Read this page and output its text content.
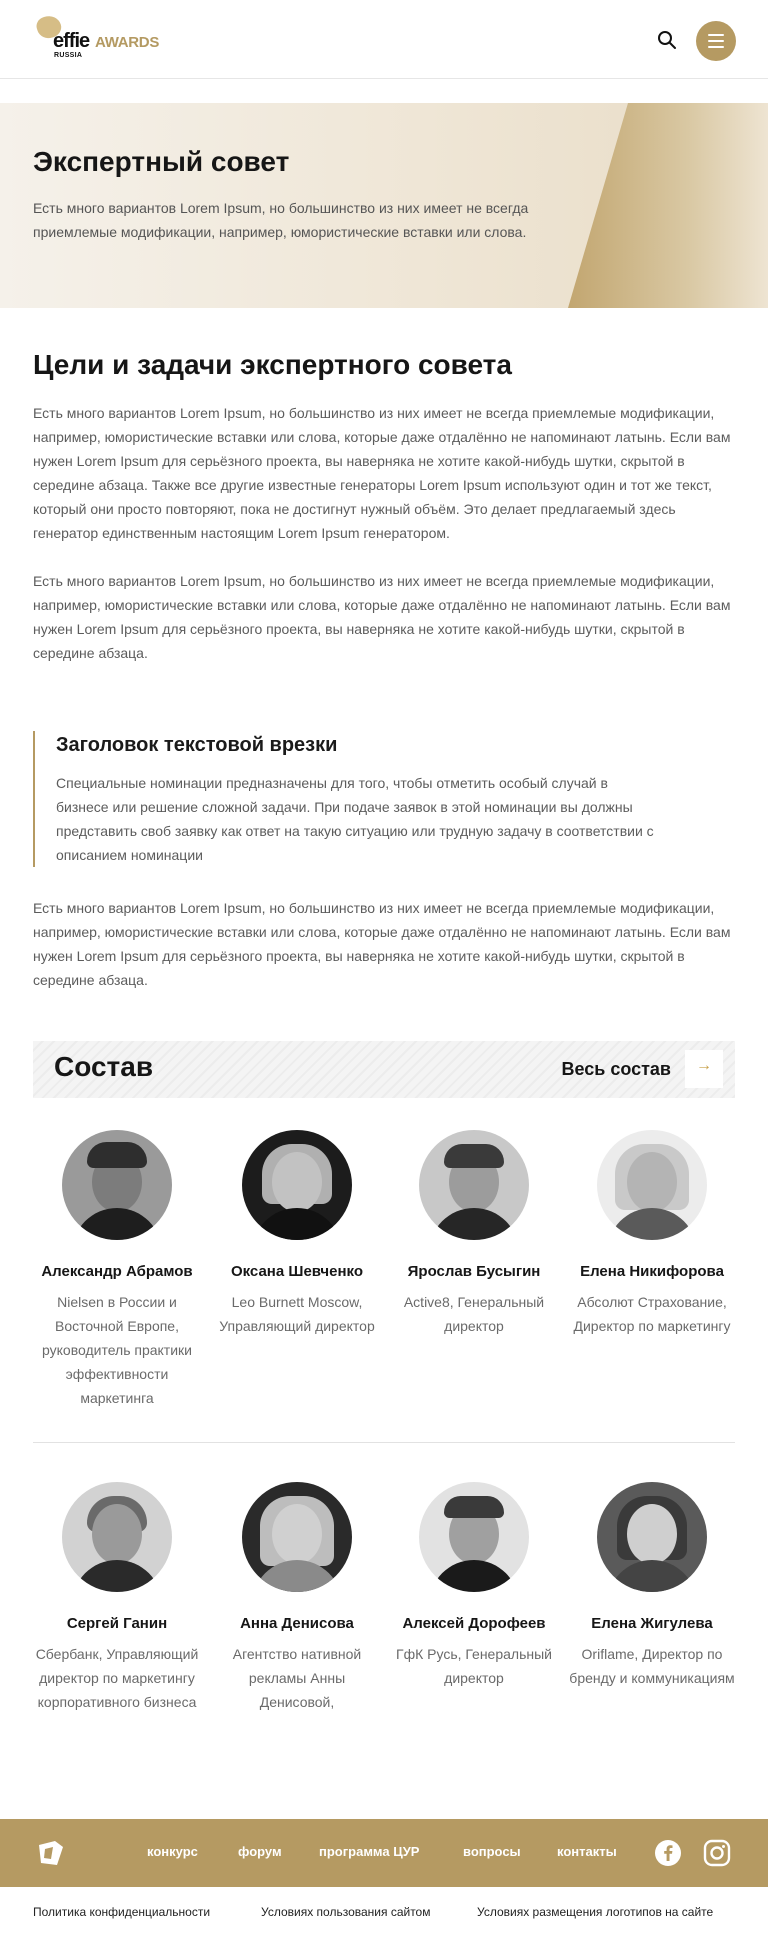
effie AWARDS
RUSSIA
Экспертный совет
Есть много вариантов Lorem Ipsum, но большинство из них имеет не всегда приемлемые модификации, например, юмористические вставки или слова.
Цели и задачи экспертного совета
Есть много вариантов Lorem Ipsum, но большинство из них имеет не всегда приемлемые модификации, например, юмористические вставки или слова, которые даже отдалённо не напоминают латынь. Если вам нужен Lorem Ipsum для серьёзного проекта, вы наверняка не хотите какой-нибудь шутки, скрытой в середине абзаца. Также все другие известные генераторы Lorem Ipsum используют один и тот же текст, который они просто повторяют, пока не достигнут нужный объём. Это делает предлагаемый здесь генератор единственным настоящим Lorem Ipsum генератором.
Есть много вариантов Lorem Ipsum, но большинство из них имеет не всегда приемлемые модификации, например, юмористические вставки или слова, которые даже отдалённо не напоминают латынь. Если вам нужен Lorem Ipsum для серьёзного проекта, вы наверняка не хотите какой-нибудь шутки, скрытой в середине абзаца.
Заголовок текстовой врезки
Специальные номинации предназначены для того, чтобы отметить особый случай в бизнесе или решение сложной задачи. При подаче заявок в этой номинации вы должны представить своб заявку как ответ на такую ситуацию или трудную задачу в соответствии с описанием номинации
Есть много вариантов Lorem Ipsum, но большинство из них имеет не всегда приемлемые модификации, например, юмористические вставки или слова, которые даже отдалённо не напоминают латынь. Если вам нужен Lorem Ipsum для серьёзного проекта, вы наверняка не хотите какой-нибудь шутки, скрытой в середине абзаца.
Состав	Весь состав	→
Александр Абрамов
Nielsen в России и Восточной Европе, руководитель практики эффективности маркетинга
Оксана Шевченко
Leo Burnett Moscow, Управляющий директор
Ярослав Бусыгин
Active8, Генеральный директор
Елена Никифорова
Абсолют Страхование, Директор по маркетингу
Сергей Ганин
Сбербанк, Управляющий директор по маркетингу корпоративного бизнеса
Анна Денисова
Агентство нативной рекламы Анны Денисовой,
Алексей Дорофеев
ГфК Русь, Генеральный директор
Елена Жигулева
Oriflame, Директор по бренду и коммуникациям
конкурс	форум	программа ЦУР	вопросы	контакты
Политика конфиденциальности	Условиях пользования сайтом	Условиях размещения логотипов на сайте
